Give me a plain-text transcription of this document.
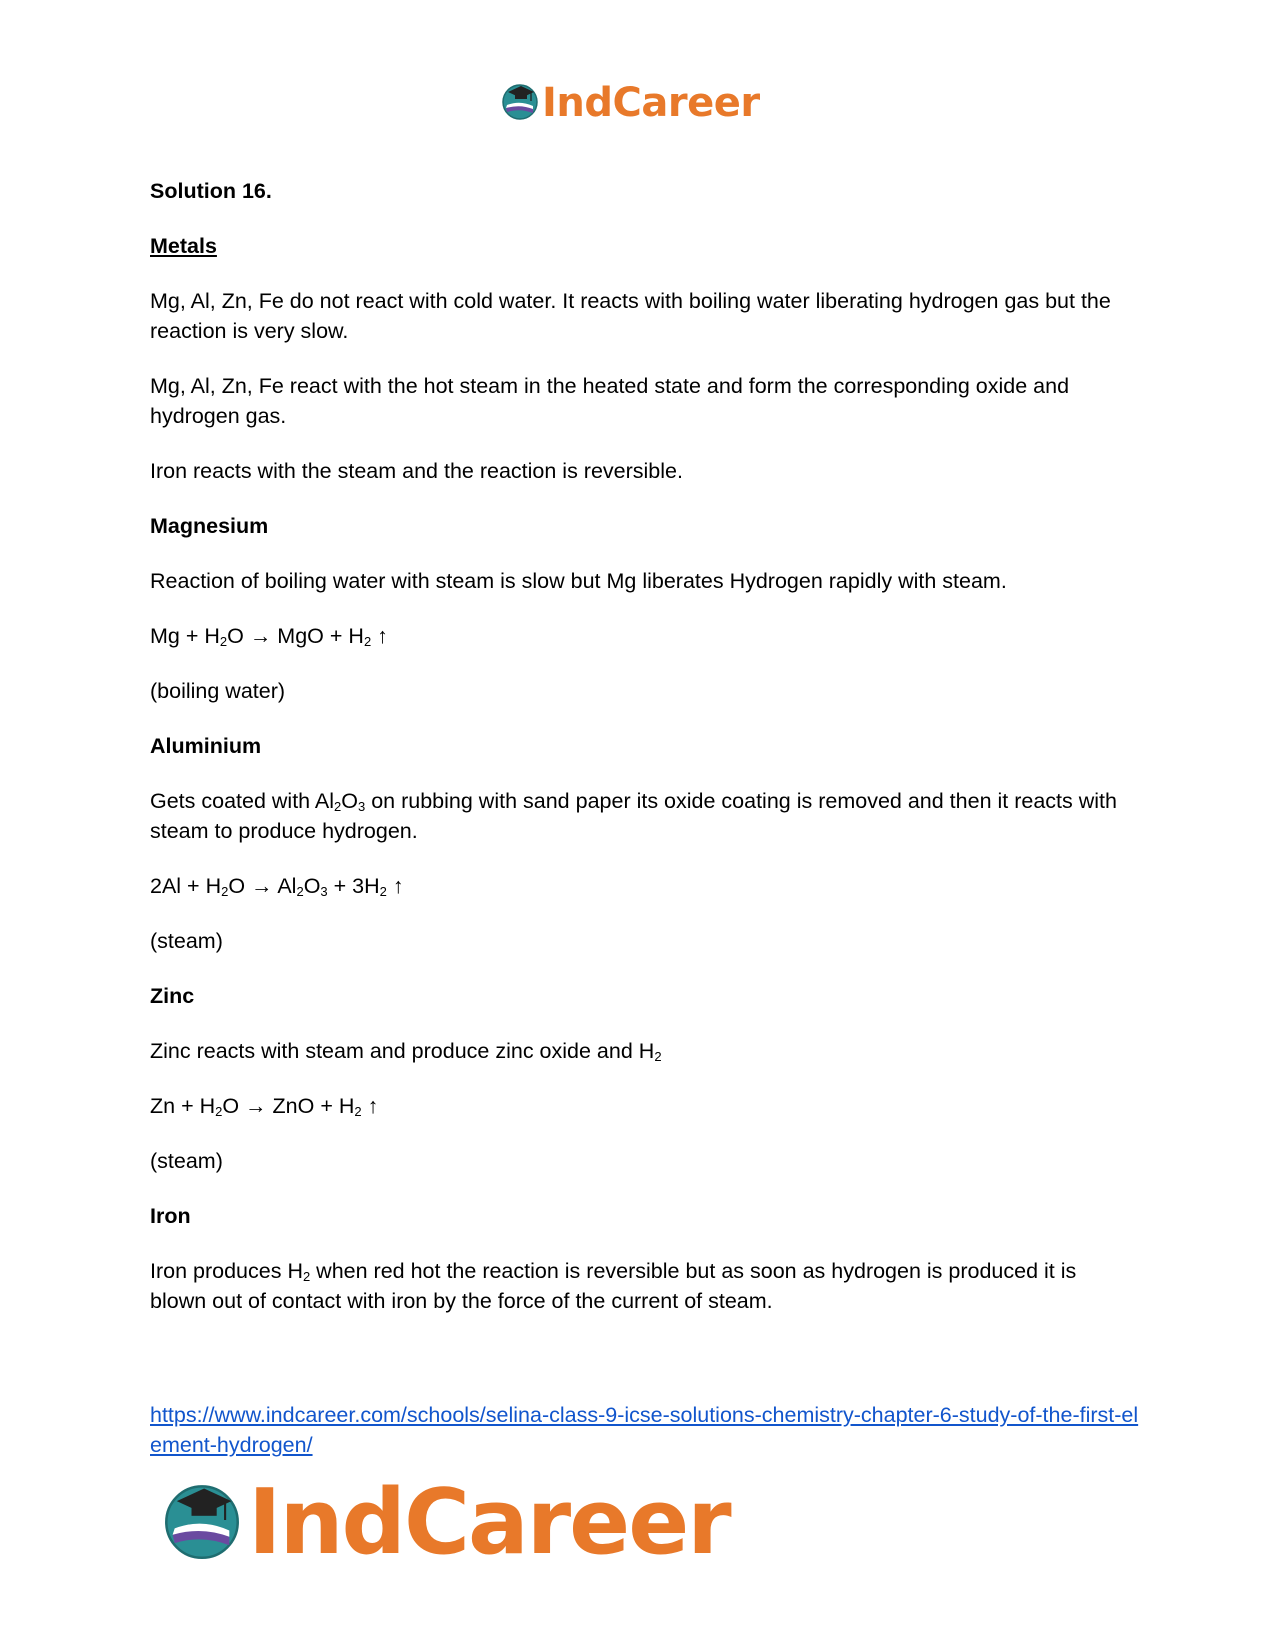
IndCareer

Solution 16.

Metals

Mg, Al, Zn, Fe do not react with cold water. It reacts with boiling water liberating hydrogen gas but the reaction is very slow.

Mg, Al, Zn, Fe react with the hot steam in the heated state and form the corresponding oxide and hydrogen gas.

Iron reacts with the steam and the reaction is reversible.

Magnesium

Reaction of boiling water with steam is slow but Mg liberates Hydrogen rapidly with steam.

$Mg + H_2O$ → MgO + $H_2$ ↑

(boiling water)

Aluminium

Gets coated with $Al_2O_3$ on rubbing with sand paper its oxide coating is removed and then it reacts with steam to produce hydrogen.

$2Al + H_2O \to Al_2O_3 + 3H_2$ ↑

(steam)

Zinc

Zinc reacts with steam and produce zinc oxide and $H_2$

$Zn + H_2O$ → ZnO + $H_2$ ↑

(steam)

Iron

Iron produces $H_2$ when red hot the reaction is reversible but as soon as hydrogen is produced it is blown out of contact with iron by the force of the current of steam.

https://www.indcareer.com/schools/selina-class-9-icse-solutions-chemistry-chapter-6-study-of-the-first-element-hydrogen/
IndCareer
